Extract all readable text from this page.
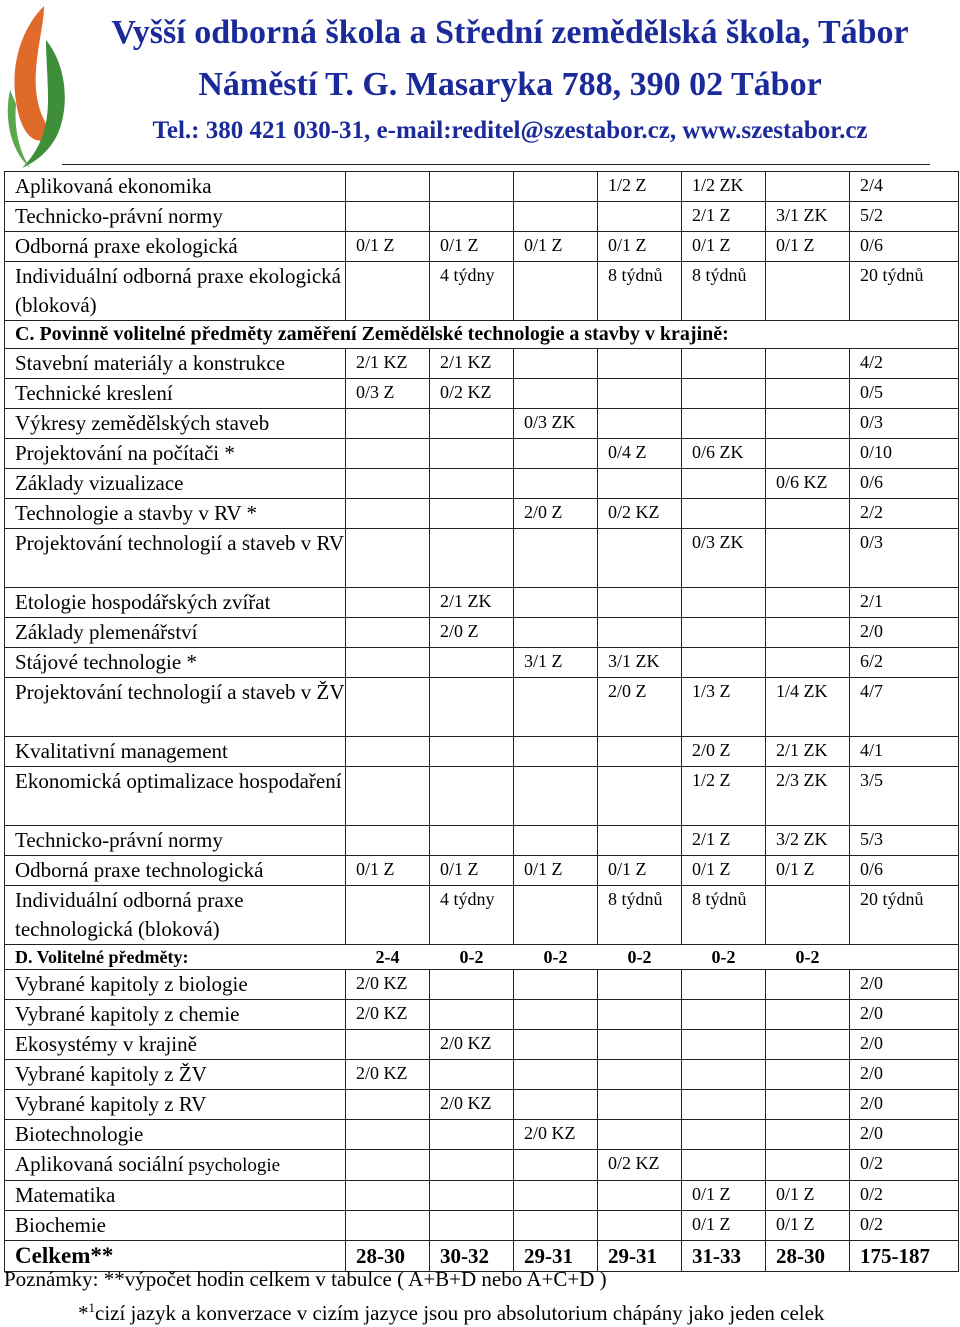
Vyšší odborná škola a Střední zemědělská škola, Tábor
Náměstí T. G. Masaryka 788, 390 02 Tábor
Tel.: 380 421 030-31, e-mail:reditel@szestabor.cz, www.szestabor.cz
Aplikovaná ekonomika				1/2 Z	1/2 ZK		2/4
Technicko-právní normy					2/1 Z	3/1 ZK	5/2
Odborná praxe ekologická	0/1 Z	0/1 Z	0/1 Z	0/1 Z	0/1 Z	0/1 Z	0/6
Individuální odborná praxe ekologická (bloková)		4 týdny		8 týdnů	8 týdnů		20 týdnů
C. Povinně volitelné předměty zaměření Zemědělské technologie a stavby v krajině:							
Stavební materiály a konstrukce	2/1 KZ	2/1 KZ					4/2
Technické kreslení	0/3 Z	0/2 KZ					0/5
Výkresy zemědělských staveb			0/3 ZK				0/3
Projektování na počítači *				0/4 Z	0/6 ZK		0/10
Základy vizualizace						0/6 KZ	0/6
Technologie a stavby v RV *			2/0 Z	0/2 KZ			2/2
Projektování technologií a staveb v RV					0/3 ZK		0/3
Etologie hospodářských zvířat		2/1 ZK					2/1
Základy plemenářství		2/0 Z					2/0
Stájové technologie *			3/1 Z	3/1 ZK			6/2
Projektování technologií a staveb v ŽV				2/0 Z	1/3 Z	1/4 ZK	4/7
Kvalitativní management					2/0 Z	2/1 ZK	4/1
Ekonomická optimalizace hospodaření					1/2 Z	2/3 ZK	3/5
Technicko-právní normy					2/1 Z	3/2 ZK	5/3
Odborná praxe technologická	0/1 Z	0/1 Z	0/1 Z	0/1 Z	0/1 Z	0/1 Z	0/6
Individuální odborná praxe technologická (bloková)		4 týdny		8 týdnů	8 týdnů		20 týdnů
D. Volitelné předměty:	2-4	0-2	0-2	0-2	0-2	0-2	
Vybrané kapitoly z biologie	2/0 KZ						2/0
Vybrané kapitoly z chemie	2/0 KZ						2/0
Ekosystémy v krajině		2/0 KZ					2/0
Vybrané kapitoly z ŽV	2/0 KZ						2/0
Vybrané kapitoly z RV		2/0 KZ					2/0
Biotechnologie			2/0 KZ				2/0
Aplikovaná sociální psychologie				0/2 KZ			0/2
Matematika					0/1 Z	0/1 Z	0/2
Biochemie					0/1 Z	0/1 Z	0/2
Celkem**	28-30	30-32	29-31	29-31	31-33	28-30	175-187
Poznámky: **výpočet hodin celkem v tabulce ( A+B+D nebo A+C+D )
*$^1$cizí jazyk a konverzace v cizím jazyce jsou pro absolutorium chápány jako jeden celek
